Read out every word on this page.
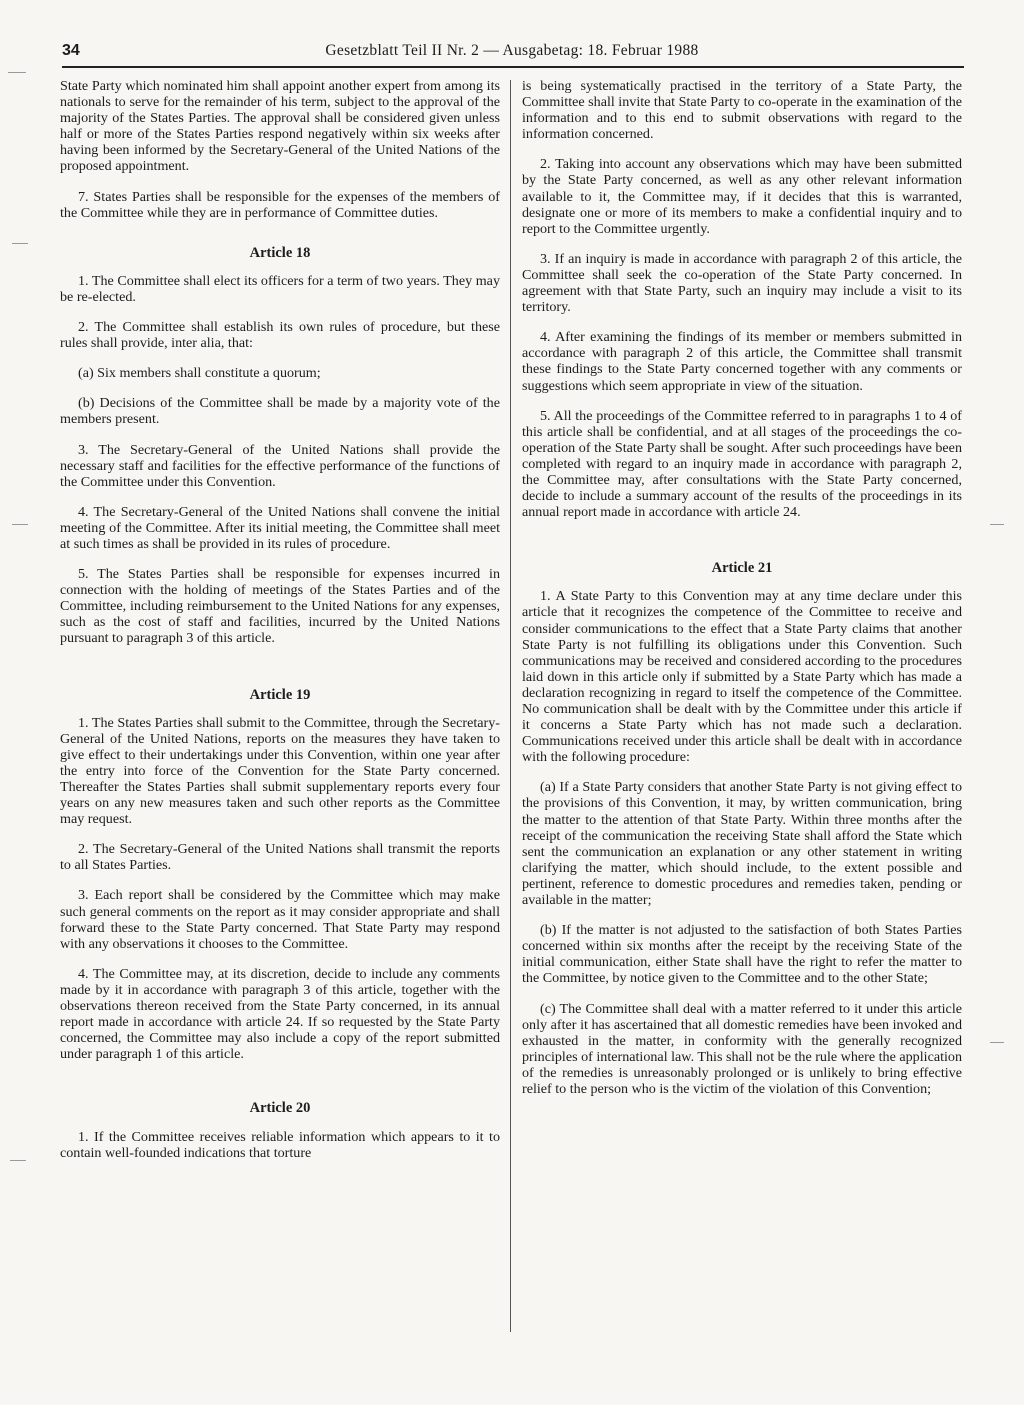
34	Gesetzblatt Teil II Nr. 2 — Ausgabetag: 18. Februar 1988

State Party which nominated him shall appoint another expert from among its nationals to serve for the remainder of his term, subject to the approval of the majority of the States Parties. The approval shall be considered given unless half or more of the States Parties respond negatively within six weeks after having been informed by the Secretary-General of the United Nations of the proposed appointment.

7. States Parties shall be responsible for the expenses of the members of the Committee while they are in performance of Committee duties.

Article 18

1. The Committee shall elect its officers for a term of two years. They may be re-elected.

2. The Committee shall establish its own rules of procedure, but these rules shall provide, inter alia, that:

(a) Six members shall constitute a quorum;

(b) Decisions of the Committee shall be made by a majority vote of the members present.

3. The Secretary-General of the United Nations shall provide the necessary staff and facilities for the effective performance of the functions of the Committee under this Convention.

4. The Secretary-General of the United Nations shall convene the initial meeting of the Committee. After its initial meeting, the Committee shall meet at such times as shall be provided in its rules of procedure.

5. The States Parties shall be responsible for expenses incurred in connection with the holding of meetings of the States Parties and of the Committee, including reimbursement to the United Nations for any expenses, such as the cost of staff and facilities, incurred by the United Nations pursuant to paragraph 3 of this article.

Article 19

1. The States Parties shall submit to the Committee, through the Secretary-General of the United Nations, reports on the measures they have taken to give effect to their undertakings under this Convention, within one year after the entry into force of the Convention for the State Party concerned. Thereafter the States Parties shall submit supplementary reports every four years on any new measures taken and such other reports as the Committee may request.

2. The Secretary-General of the United Nations shall transmit the reports to all States Parties.

3. Each report shall be considered by the Committee which may make such general comments on the report as it may consider appropriate and shall forward these to the State Party concerned. That State Party may respond with any observations it chooses to the Committee.

4. The Committee may, at its discretion, decide to include any comments made by it in accordance with paragraph 3 of this article, together with the observations thereon received from the State Party concerned, in its annual report made in accordance with article 24. If so requested by the State Party concerned, the Committee may also include a copy of the report submitted under paragraph 1 of this article.

Article 20

1. If the Committee receives reliable information which appears to it to contain well-founded indications that torture

is being systematically practised in the territory of a State Party, the Committee shall invite that State Party to co-operate in the examination of the information and to this end to submit observations with regard to the information concerned.

2. Taking into account any observations which may have been submitted by the State Party concerned, as well as any other relevant information available to it, the Committee may, if it decides that this is warranted, designate one or more of its members to make a confidential inquiry and to report to the Committee urgently.

3. If an inquiry is made in accordance with paragraph 2 of this article, the Committee shall seek the co-operation of the State Party concerned. In agreement with that State Party, such an inquiry may include a visit to its territory.

4. After examining the findings of its member or members submitted in accordance with paragraph 2 of this article, the Committee shall transmit these findings to the State Party concerned together with any comments or suggestions which seem appropriate in view of the situation.

5. All the proceedings of the Committee referred to in paragraphs 1 to 4 of this article shall be confidential, and at all stages of the proceedings the co-operation of the State Party shall be sought. After such proceedings have been completed with regard to an inquiry made in accordance with paragraph 2, the Committee may, after consultations with the State Party concerned, decide to include a summary account of the results of the proceedings in its annual report made in accordance with article 24.

Article 21

1. A State Party to this Convention may at any time declare under this article that it recognizes the competence of the Committee to receive and consider communications to the effect that a State Party claims that another State Party is not fulfilling its obligations under this Convention. Such communications may be received and considered according to the procedures laid down in this article only if submitted by a State Party which has made a declaration recognizing in regard to itself the competence of the Committee. No communication shall be dealt with by the Committee under this article if it concerns a State Party which has not made such a declaration. Communications received under this article shall be dealt with in accordance with the following procedure:

(a) If a State Party considers that another State Party is not giving effect to the provisions of this Convention, it may, by written communication, bring the matter to the attention of that State Party. Within three months after the receipt of the communication the receiving State shall afford the State which sent the communication an explanation or any other statement in writing clarifying the matter, which should include, to the extent possible and pertinent, reference to domestic procedures and remedies taken, pending or available in the matter;

(b) If the matter is not adjusted to the satisfaction of both States Parties concerned within six months after the receipt by the receiving State of the initial communication, either State shall have the right to refer the matter to the Committee, by notice given to the Committee and to the other State;

(c) The Committee shall deal with a matter referred to it under this article only after it has ascertained that all domestic remedies have been invoked and exhausted in the matter, in conformity with the generally recognized principles of international law. This shall not be the rule where the application of the remedies is unreasonably prolonged or is unlikely to bring effective relief to the person who is the victim of the violation of this Convention;
